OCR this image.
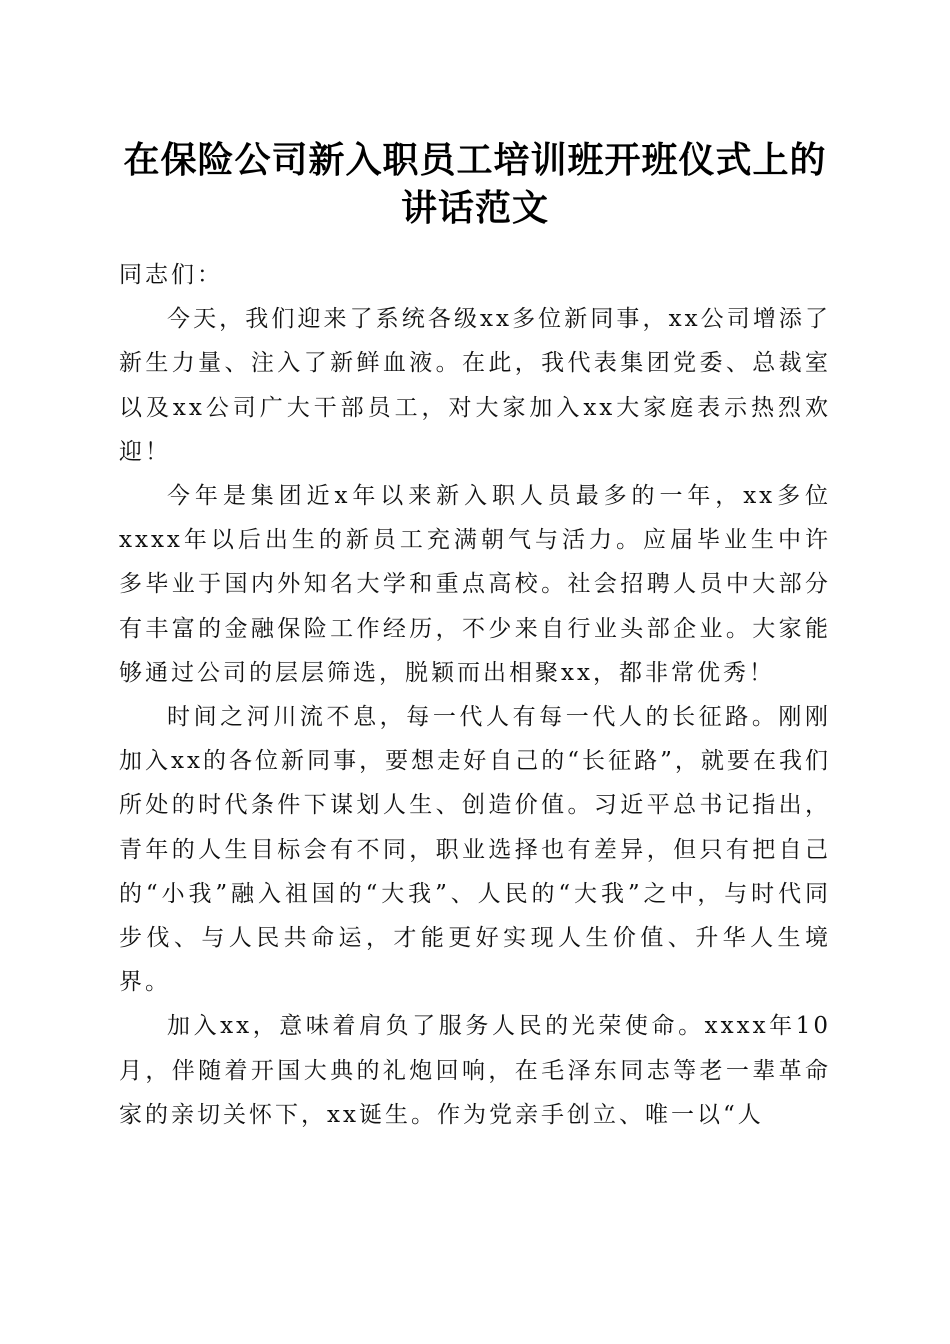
在保险公司新入职员工培训班开班仪式上的讲话范文

同志们：

今天，我们迎来了系统各级xx多位新同事，xx公司增添了新生力量、注入了新鲜血液。在此，我代表集团党委、总裁室以及xx公司广大干部员工，对大家加入xx大家庭表示热烈欢迎！

今年是集团近x年以来新入职人员最多的一年，xx多位xxxx年以后出生的新员工充满朝气与活力。应届毕业生中许多毕业于国内外知名大学和重点高校。社会招聘人员中大部分有丰富的金融保险工作经历，不少来自行业头部企业。大家能够通过公司的层层筛选，脱颖而出相聚xx，都非常优秀！

时间之河川流不息，每一代人有每一代人的长征路。刚刚加入xx的各位新同事，要想走好自己的“长征路”，就要在我们所处的时代条件下谋划人生、创造价值。习近平总书记指出，青年的人生目标会有不同，职业选择也有差异，但只有把自己的“小我”融入祖国的“大我”、人民的“大我”之中，与时代同步伐、与人民共命运，才能更好实现人生价值、升华人生境界。

加入xx，意味着肩负了服务人民的光荣使命。xxxx年10月，伴随着开国大典的礼炮回响，在毛泽东同志等老一辈革命家的亲切关怀下，xx诞生。作为党亲手创立、唯一以“人
